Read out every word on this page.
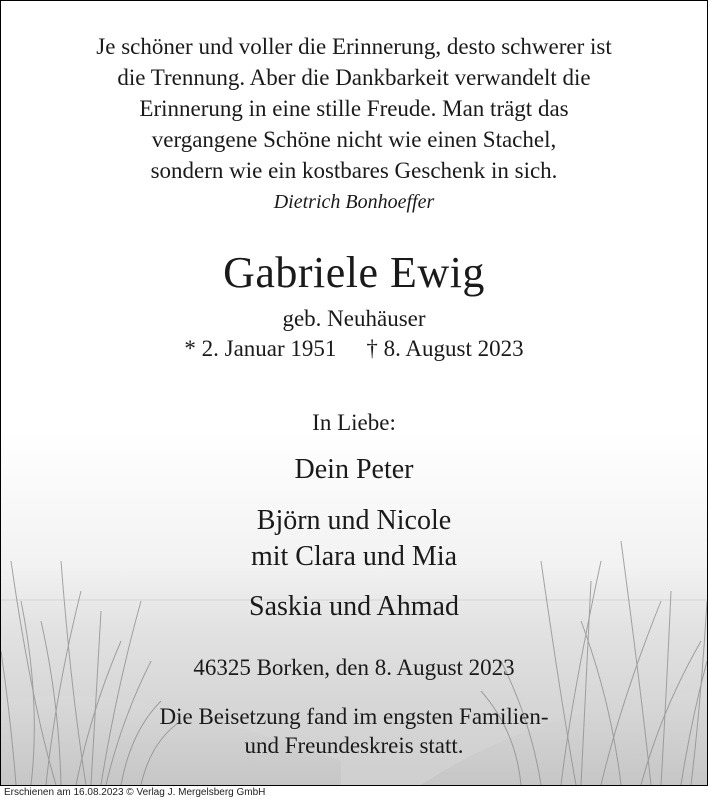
Je schöner und voller die Erinnerung, desto schwerer ist
die Trennung. Aber die Dankbarkeit verwandelt die
Erinnerung in eine stille Freude. Man trägt das
vergangene Schöne nicht wie einen Stachel,
sondern wie ein kostbares Geschenk in sich.
Dietrich Bonhoeffer
Gabriele Ewig
geb. Neuhäuser
* 2. Januar 1951 † 8. August 2023
In Liebe:
Dein Peter
Björn und Nicole
mit Clara und Mia
Saskia und Ahmad
46325 Borken, den 8. August 2023
Die Beisetzung fand im engsten Familien-
und Freundeskreis statt.
Erschienen am 16.08.2023 © Verlag J. Mergelsberg GmbH
